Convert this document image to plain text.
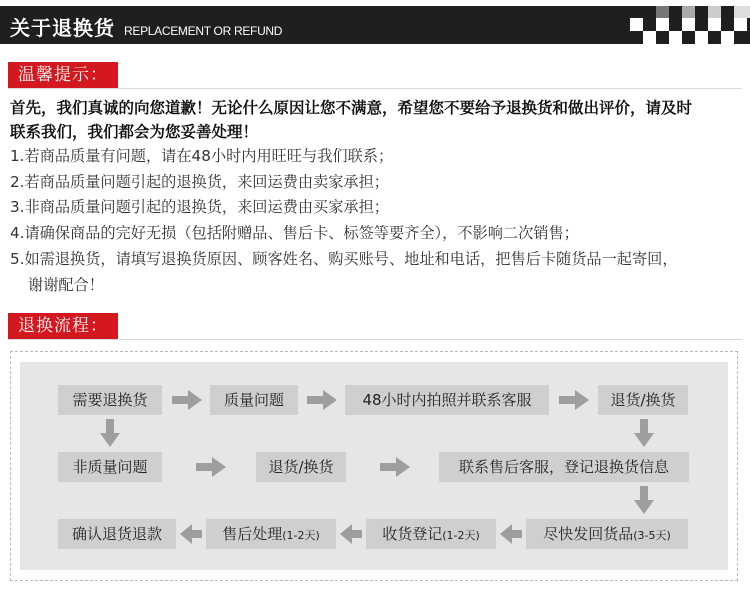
关于退换货 REPLACEMENT OR REFUND
温馨提示：
首先，我们真诚的向您道歉！无论什么原因让您不满意，希望您不要给予退换货和做出评价，请及时
联系我们，我们都会为您妥善处理！
1.若商品质量有问题，请在48小时内用旺旺与我们联系；
2.若商品质量问题引起的退换货，来回运费由卖家承担；
3.非商品质量问题引起的退换货，来回运费由买家承担；
4.请确保商品的完好无损（包括附赠品、售后卡、标签等要齐全），不影响二次销售；
5.如需退换货，请填写退换货原因、顾客姓名、购买账号、地址和电话，把售后卡随货品一起寄回，
谢谢配合！
退换流程：
需要退换货	质量问题	48小时内拍照并联系客服	退货/换货
非质量问题	退货/换货	联系售后客服，登记退换货信息
确认退货退款	售后处理(1-2天)	收货登记(1-2天)	尽快发回货品(3-5天)
